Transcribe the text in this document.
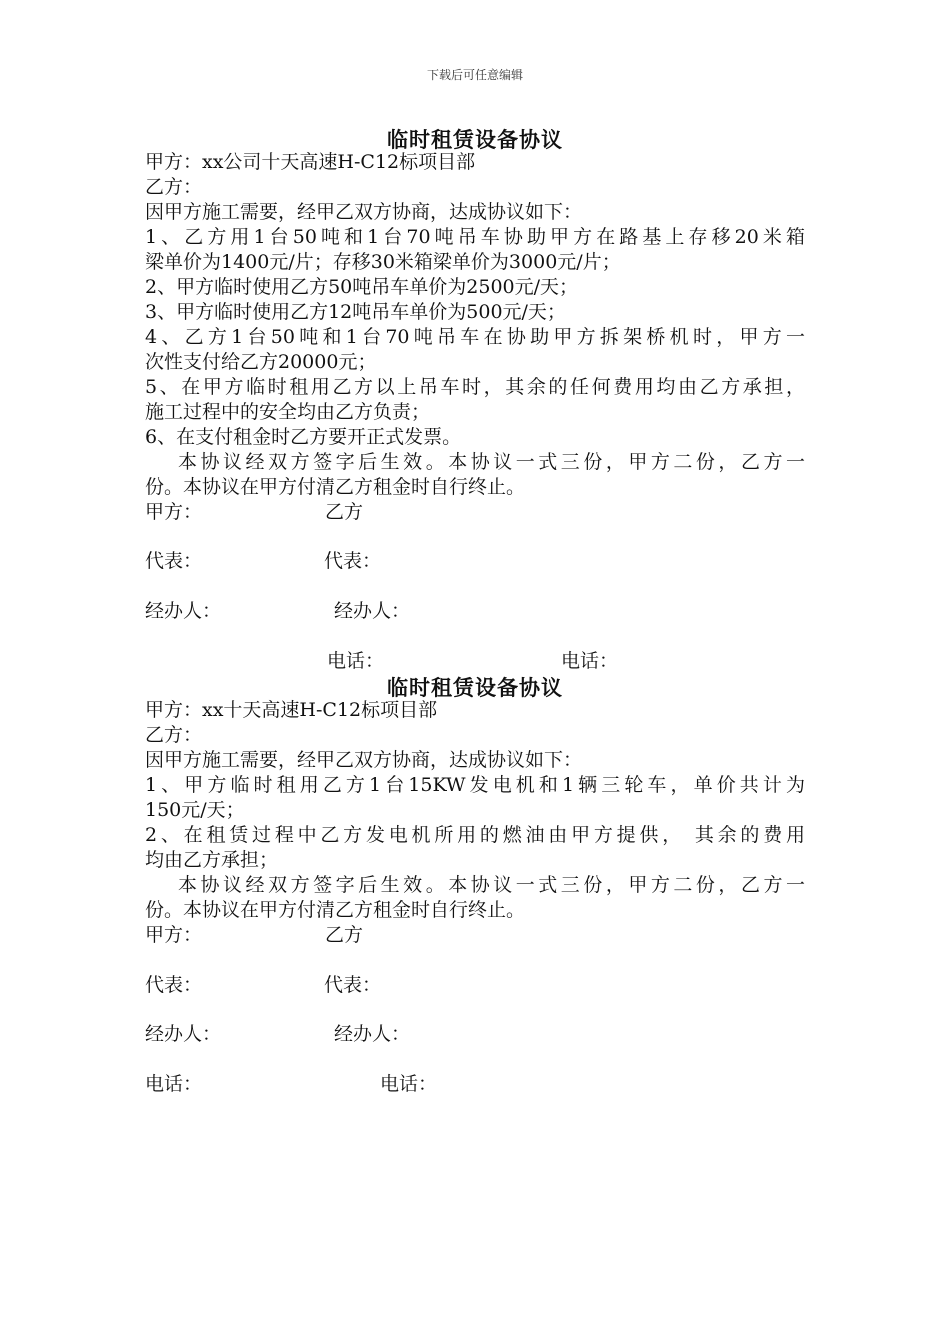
下载后可任意编辑
临时租赁设备协议
甲方：xx公司十天高速H-C12标项目部
乙方：
因甲方施工需要，经甲乙双方协商，达成协议如下：
1、乙方用1台50吨和1台70吨吊车协助甲方在路基上存移20米箱
梁单价为1400元/片；存移30米箱梁单价为3000元/片；
2、甲方临时使用乙方50吨吊车单价为2500元/天；
3、甲方临时使用乙方12吨吊车单价为500元/天；
4、乙方1台50吨和1台70吨吊车在协助甲方拆架桥机时，甲方一
次性支付给乙方20000元；
5、在甲方临时租用乙方以上吊车时，其余的任何费用均由乙方承担，
施工过程中的安全均由乙方负责；
6、在支付租金时乙方要开正式发票。
本协议经双方签字后生效。本协议一式三份，甲方二份，乙方一
份。本协议在甲方付清乙方租金时自行终止。
甲方：	乙方
代表：	代表：
经办人：	经办人：
电话：	电话：
临时租赁设备协议
甲方：xx十天高速H-C12标项目部
乙方：
因甲方施工需要，经甲乙双方协商，达成协议如下：
1、甲方临时租用乙方1台15KW发电机和1辆三轮车，单价共计为
150元/天；
2、在租赁过程中乙方发电机所用的燃油由甲方提供， 其余的费用
均由乙方承担；
本协议经双方签字后生效。本协议一式三份，甲方二份，乙方一
份。本协议在甲方付清乙方租金时自行终止。
甲方：	乙方
代表：	代表：
经办人：	经办人：
电话：	电话：
